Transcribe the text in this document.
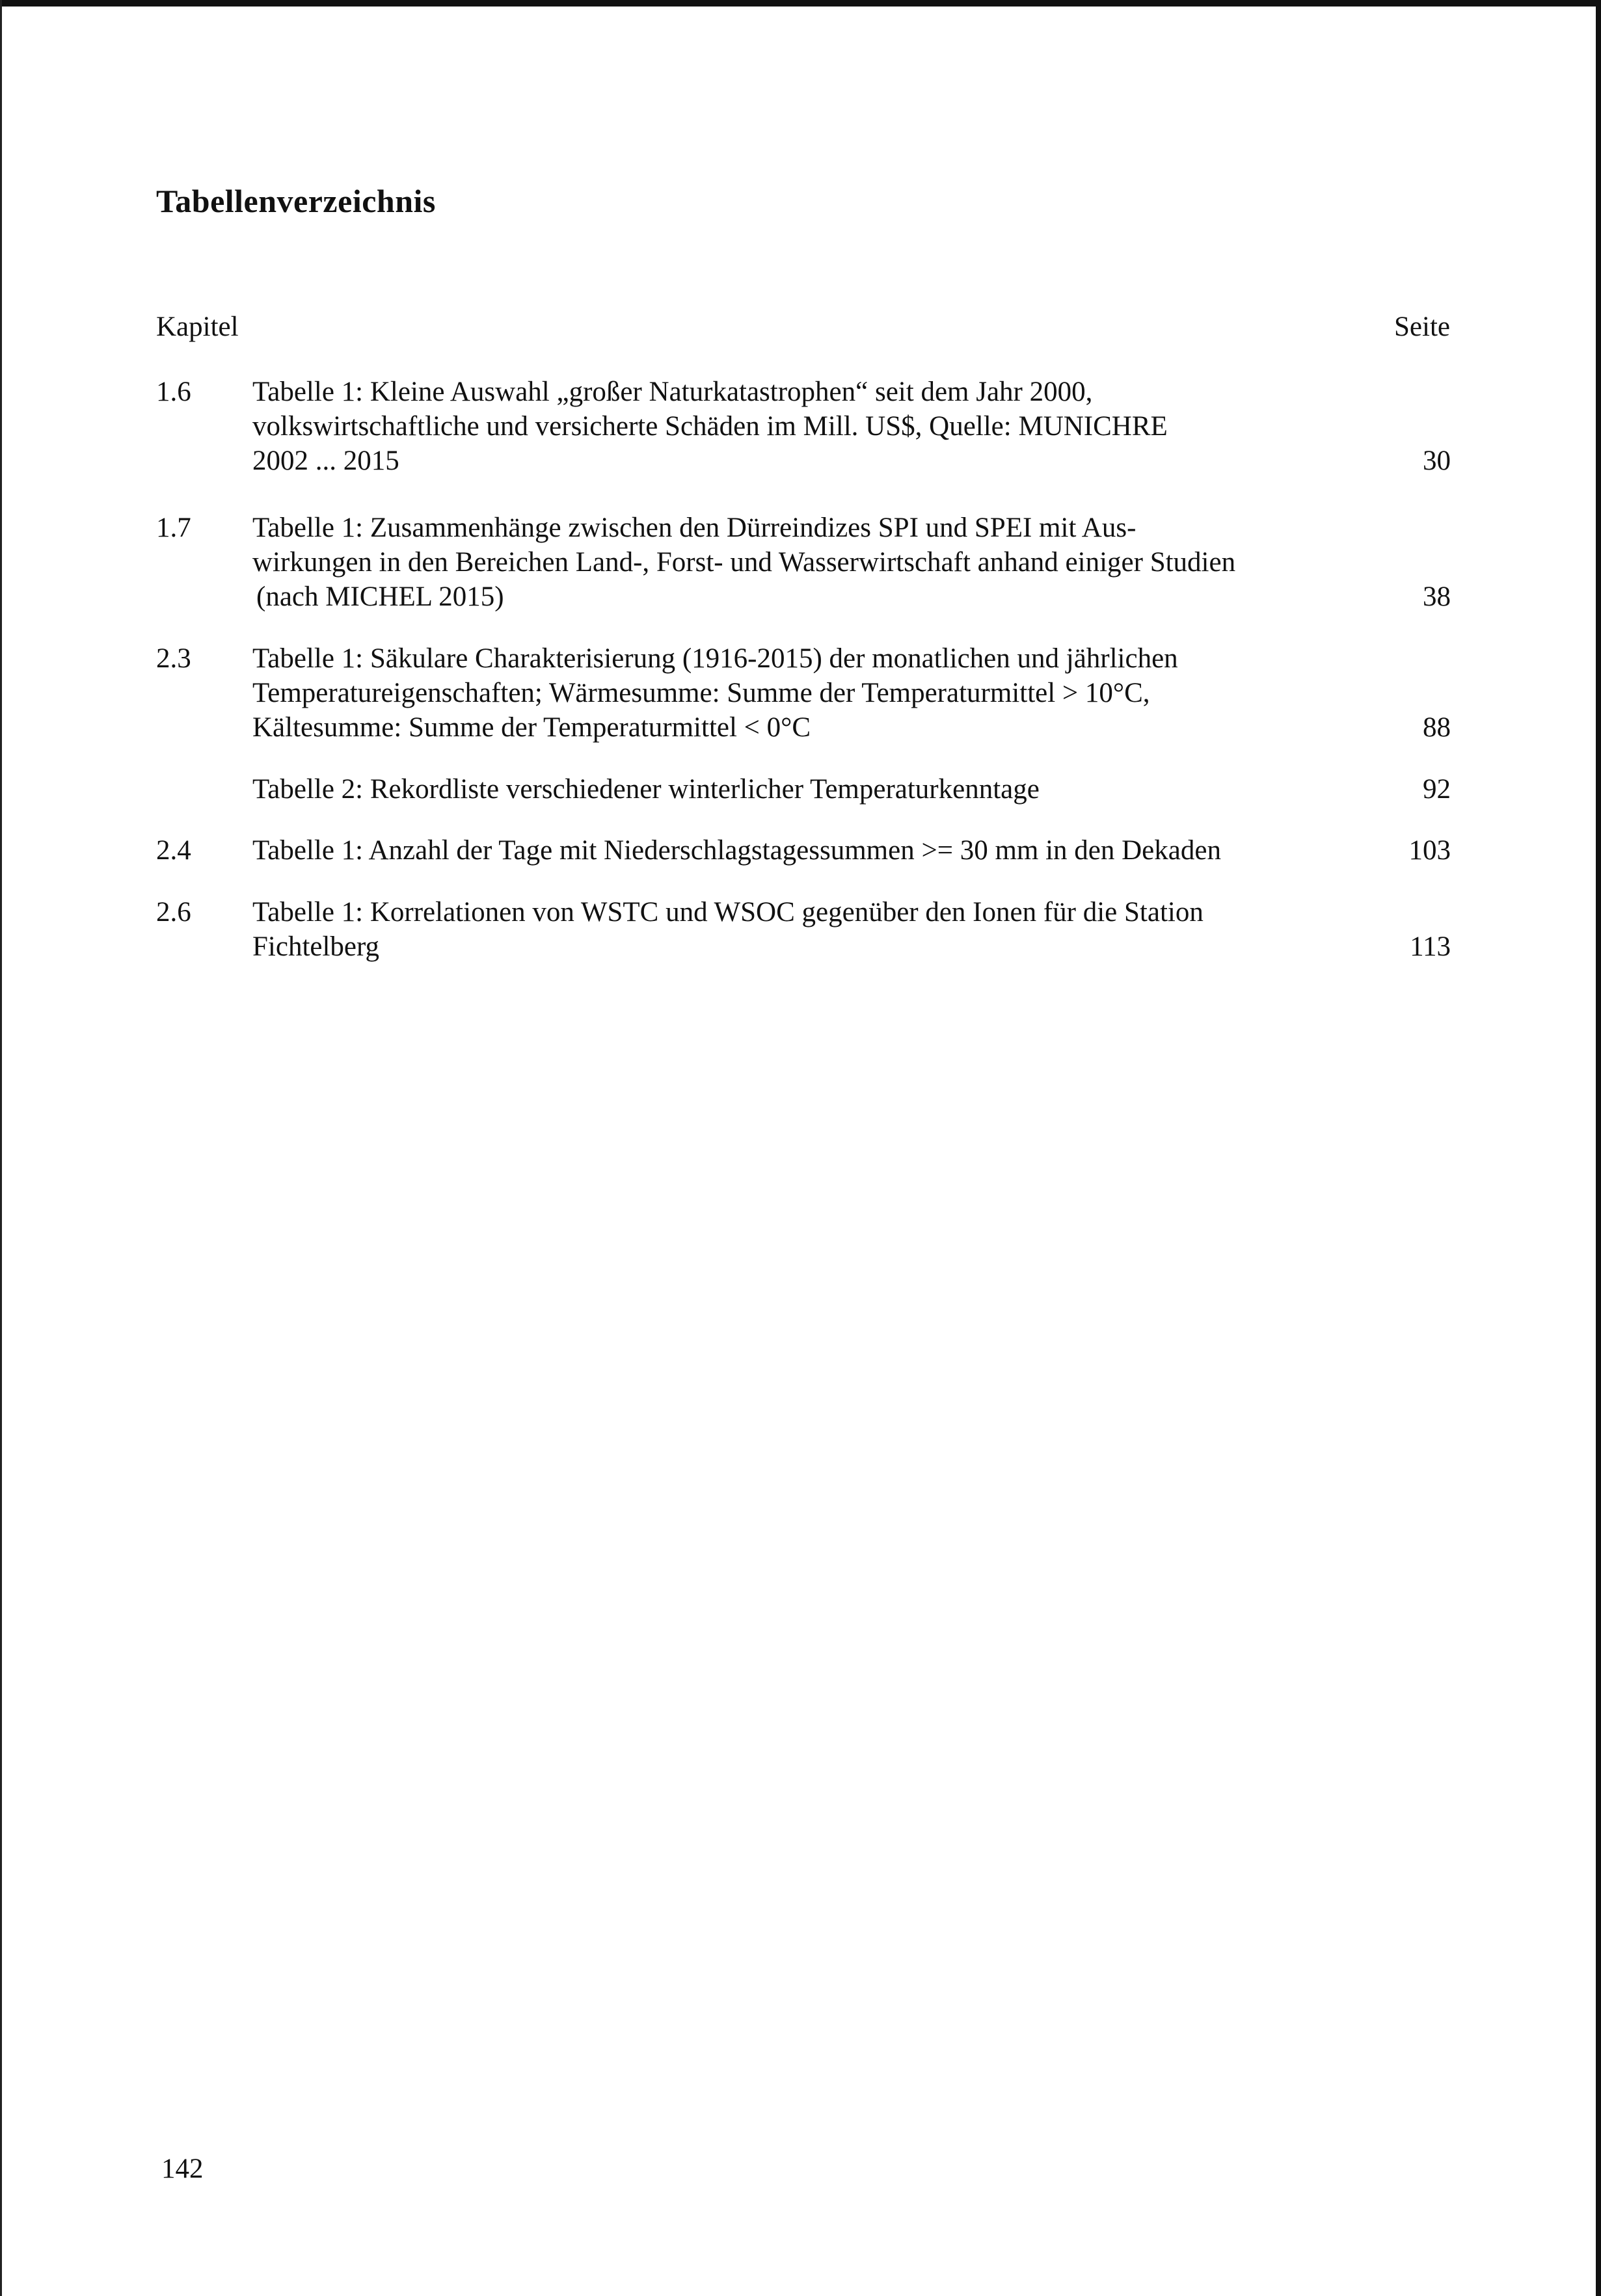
Tabellenverzeichnis
Kapitel	Seite
1.6 Tabelle 1: Kleine Auswahl „großer Naturkatastrophen“ seit dem Jahr 2000,
volkswirtschaftliche und versicherte Schäden im Mill. US$, Quelle: MUNICHRE
2002 ... 2015	30
1.7 Tabelle 1: Zusammenhänge zwischen den Dürreindizes SPI und SPEI mit Aus-
wirkungen in den Bereichen Land-, Forst- und Wasserwirtschaft anhand einiger Studien
(nach MICHEL 2015)	38
2.3 Tabelle 1: Säkulare Charakterisierung (1916-2015) der monatlichen und jährlichen
Temperatureigenschaften; Wärmesumme: Summe der Temperaturmittel > 10°C,
Kältesumme: Summe der Temperaturmittel < 0°C	88
Tabelle 2: Rekordliste verschiedener winterlicher Temperaturkenntage	92
2.4 Tabelle 1: Anzahl der Tage mit Niederschlagstagessummen >= 30 mm in den Dekaden	103
2.6 Tabelle 1: Korrelationen von WSTC und WSOC gegenüber den Ionen für die Station
Fichtelberg	113
142
